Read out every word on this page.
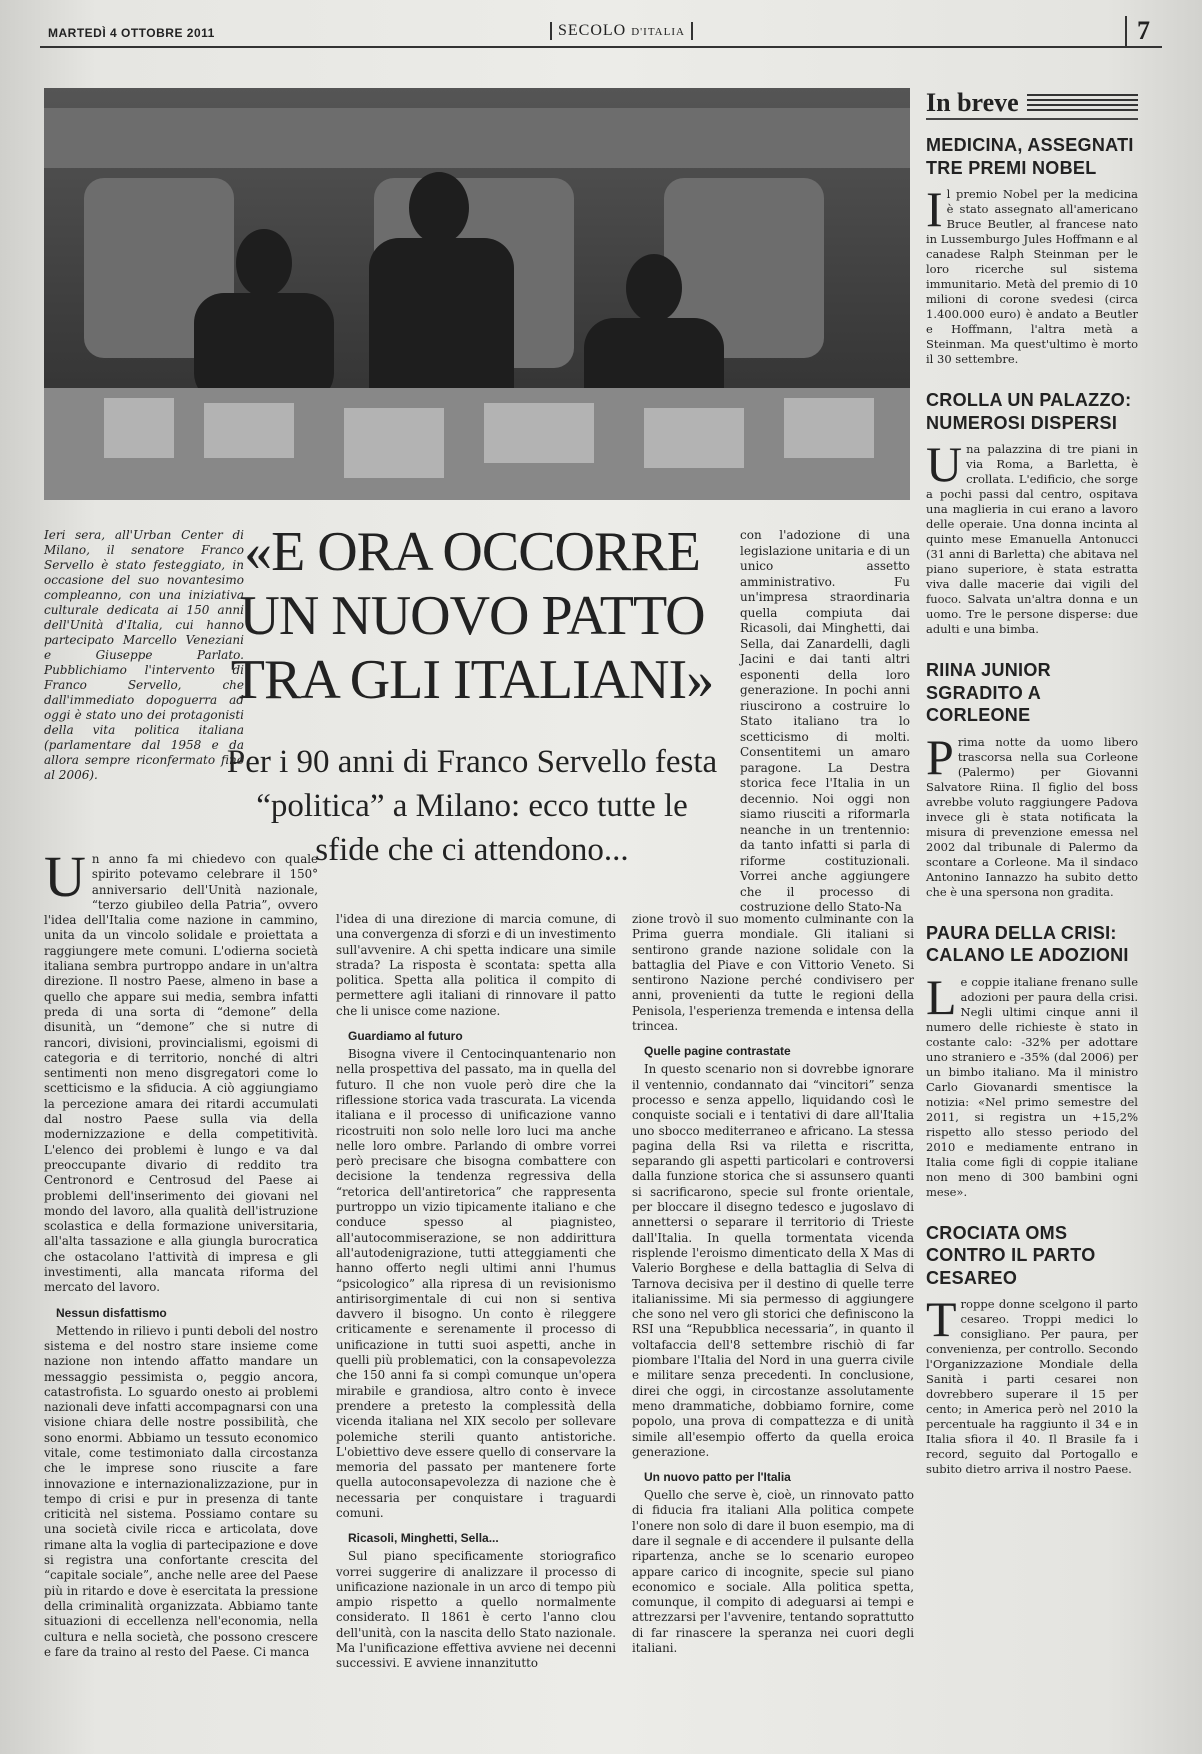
MARTEDÌ 4 OTTOBRE 2011	SECOLO D'ITALIA	7
In breve
MEDICINA, ASSEGNATI TRE PREMI NOBEL
Il premio Nobel per la medicina è stato assegnato all'americano Bruce Beutler, al francese nato in Lussemburgo Jules Hoffmann e al canadese Ralph Steinman per le loro ricerche sul sistema immunitario. Metà del premio di 10 milioni di corone svedesi (circa 1.400.000 euro) è andato a Beutler e Hoffmann, l'altra metà a Steinman. Ma quest'ultimo è morto il 30 settembre.
CROLLA UN PALAZZO: NUMEROSI DISPERSI
Una palazzina di tre piani in via Roma, a Barletta, è crollata. L'edificio, che sorge a pochi passi dal centro, ospitava una maglieria in cui erano a lavoro delle operaie. Una donna incinta al quinto mese Emanuella Antonucci (31 anni di Barletta) che abitava nel piano superiore, è stata estratta viva dalle macerie dai vigili del fuoco. Salvata un'altra donna e un uomo. Tre le persone disperse: due adulti e una bimba.
RIINA JUNIOR SGRADITO A CORLEONE
Prima notte da uomo libero trascorsa nella sua Corleone (Palermo) per Giovanni Salvatore Riina. Il figlio del boss avrebbe voluto raggiungere Padova invece gli è stata notificata la misura di prevenzione emessa nel 2002 dal tribunale di Palermo da scontare a Corleone. Ma il sindaco Antonino Iannazzo ha subito detto che è una spersona non gradita.
PAURA DELLA CRISI: CALANO LE ADOZIONI
Le coppie italiane frenano sulle adozioni per paura della crisi. Negli ultimi cinque anni il numero delle richieste è stato in costante calo: -32% per adottare uno straniero e -35% (dal 2006) per un bimbo italiano. Ma il ministro Carlo Giovanardi smentisce la notizia: «Nel primo semestre del 2011, si registra un +15,2% rispetto allo stesso periodo del 2010 e mediamente entrano in Italia come figli di coppie italiane non meno di 300 bambini ogni mese».
CROCIATA OMS CONTRO IL PARTO CESAREO
Troppe donne scelgono il parto cesareo. Troppi medici lo consigliano. Per paura, per convenienza, per controllo. Secondo l'Organizzazione Mondiale della Sanità i parti cesarei non dovrebbero superare il 15 per cento; in America però nel 2010 la percentuale ha raggiunto il 34 e in Italia sfiora il 40. Il Brasile fa i record, seguito dal Portogallo e subito dietro arriva il nostro Paese.
Ieri sera, all'Urban Center di Milano, il senatore Franco Servello è stato festeggiato, in occasione del suo novantesimo compleanno, con una iniziativa culturale dedicata ai 150 anni dell'Unità d'Italia, cui hanno partecipato Marcello Veneziani e Giuseppe Parlato. Pubblichiamo l'intervento di Franco Servello, che dall'immediato dopoguerra ad oggi è stato uno dei protagonisti della vita politica italiana (parlamentare dal 1958 e da allora sempre riconfermato fino al 2006).
«E ORA OCCORRE UN NUOVO PATTO TRA GLI ITALIANI»
Per i 90 anni di Franco Servello festa “politica” a Milano: ecco tutte le sfide che ci attendono...
con l'adozione di una legislazione unitaria e di un unico assetto amministrativo. Fu un'impresa straordinaria quella compiuta dai Ricasoli, dai Minghetti, dai Sella, dai Zanardelli, dagli Jacini e dai tanti altri esponenti della loro generazione. In pochi anni riuscirono a costruire lo Stato italiano tra lo scetticismo di molti. Consentitemi un amaro paragone. La Destra storica fece l'Italia in un decennio. Noi oggi non siamo riusciti a riformarla neanche in un trentennio: da tanto infatti si parla di riforme costituzionali. Vorrei anche aggiungere che il processo di costruzione dello Stato-Na

Un anno fa mi chiedevo con quale spirito potevamo celebrare il 150° anniversario dell'Unità nazionale, “terzo giubileo della Patria”, ovvero l'idea dell'Italia come nazione in cammino, unita da un vincolo solidale e proiettata a raggiungere mete comuni. L'odierna società italiana sembra purtroppo andare in un'altra direzione. Il nostro Paese, almeno in base a quello che appare sui media, sembra infatti preda di una sorta di “demone” della disunità, un “demone” che si nutre di rancori, divisioni, provincialismi, egoismi di categoria e di territorio, nonché di altri sentimenti non meno disgregatori come lo scetticismo e la sfiducia. A ciò aggiungiamo la percezione amara dei ritardi accumulati dal nostro Paese sulla via della modernizzazione e della competitività. L'elenco dei problemi è lungo e va dal preoccupante divario di reddito tra Centronord e Centrosud del Paese ai problemi dell'inserimento dei giovani nel mondo del lavoro, alla qualità dell'istruzione scolastica e della formazione universitaria, all'alta tassazione e alla giungla burocratica che ostacolano l'attività di impresa e gli investimenti, alla mancata riforma del mercato del lavoro.

Nessun disfattismo

Mettendo in rilievo i punti deboli del nostro sistema e del nostro stare insieme come nazione non intendo affatto mandare un messaggio pessimista o, peggio ancora, catastrofista. Lo sguardo onesto ai problemi nazionali deve infatti accompagnarsi con una visione chiara delle nostre possibilità, che sono enormi. Abbiamo un tessuto economico vitale, come testimoniato dalla circostanza che le imprese sono riuscite a fare innovazione e internazionalizzazione, pur in tempo di crisi e pur in presenza di tante criticità nel sistema. Possiamo contare su una società civile ricca e articolata, dove rimane alta la voglia di partecipazione e dove si registra una confortante crescita del “capitale sociale”, anche nelle aree del Paese più in ritardo e dove è esercitata la pressione della criminalità organizzata. Abbiamo tante situazioni di eccellenza nell'economia, nella cultura e nella società, che possono crescere e fare da traino al resto del Paese. Ci manca

l'idea di una direzione di marcia comune, di una convergenza di sforzi e di un investimento sull'avvenire. A chi spetta indicare una simile strada? La risposta è scontata: spetta alla politica. Spetta alla politica il compito di permettere agli italiani di rinnovare il patto che li unisce come nazione.

Guardiamo al futuro

Bisogna vivere il Centocinquantenario non nella prospettiva del passato, ma in quella del futuro. Il che non vuole però dire che la riflessione storica vada trascurata. La vicenda italiana e il processo di unificazione vanno ricostruiti non solo nelle loro luci ma anche nelle loro ombre. Parlando di ombre vorrei però precisare che bisogna combattere con decisione la tendenza regressiva della “retorica dell'antiretorica” che rappresenta purtroppo un vizio tipicamente italiano e che conduce spesso al piagnisteo, all'autocommiserazione, se non addirittura all'autodenigrazione, tutti atteggiamenti che hanno offerto negli ultimi anni l'humus “psicologico” alla ripresa di un revisionismo antirisorgimentale di cui non si sentiva davvero il bisogno. Un conto è rileggere criticamente e serenamente il processo di unificazione in tutti suoi aspetti, anche in quelli più problematici, con la consapevolezza che 150 anni fa si compì comunque un'opera mirabile e grandiosa, altro conto è invece prendere a pretesto la complessità della vicenda italiana nel XIX secolo per sollevare polemiche sterili quanto antistoriche. L'obiettivo deve essere quello di conservare la memoria del passato per mantenere forte quella autoconsapevolezza di nazione che è necessaria per conquistare i traguardi comuni.

Ricasoli, Minghetti, Sella...

Sul piano specificamente storiografico vorrei suggerire di analizzare il processo di unificazione nazionale in un arco di tempo più ampio rispetto a quello normalmente considerato. Il 1861 è certo l'anno clou dell'unità, con la nascita dello Stato nazionale. Ma l'unificazione effettiva avviene nei decenni successivi. E avviene innanzitutto

zione trovò il suo momento culminante con la Prima guerra mondiale. Gli italiani si sentirono grande nazione solidale con la battaglia del Piave e con Vittorio Veneto. Si sentirono Nazione perché condivisero per anni, provenienti da tutte le regioni della Penisola, l'esperienza tremenda e intensa della trincea.

Quelle pagine contrastate

In questo scenario non si dovrebbe ignorare il ventennio, condannato dai “vincitori” senza processo e senza appello, liquidando così le conquiste sociali e i tentativi di dare all'Italia uno sbocco mediterraneo e africano. La stessa pagina della Rsi va riletta e riscritta, separando gli aspetti particolari e controversi dalla funzione storica che si assunsero quanti si sacrificarono, specie sul fronte orientale, per bloccare il disegno tedesco e jugoslavo di annettersi o separare il territorio di Trieste dall'Italia. In quella tormentata vicenda risplende l'eroismo dimenticato della X Mas di Valerio Borghese e della battaglia di Selva di Tarnova decisiva per il destino di quelle terre italianissime. Mi sia permesso di aggiungere che sono nel vero gli storici che definiscono la RSI una “Repubblica necessaria”, in quanto il voltafaccia dell'8 settembre rischiò di far piombare l'Italia del Nord in una guerra civile e militare senza precedenti. In conclusione, direi che oggi, in circostanze assolutamente meno drammatiche, dobbiamo fornire, come popolo, una prova di compattezza e di unità simile all'esempio offerto da quella eroica generazione.

Un nuovo patto per l'Italia

Quello che serve è, cioè, un rinnovato patto di fiducia fra italiani Alla politica compete l'onere non solo di dare il buon esempio, ma di dare il segnale e di accendere il pulsante della ripartenza, anche se lo scenario europeo appare carico di incognite, specie sul piano economico e sociale. Alla politica spetta, comunque, il compito di adeguarsi ai tempi e attrezzarsi per l'avvenire, tentando soprattutto di far rinascere la speranza nei cuori degli italiani.
